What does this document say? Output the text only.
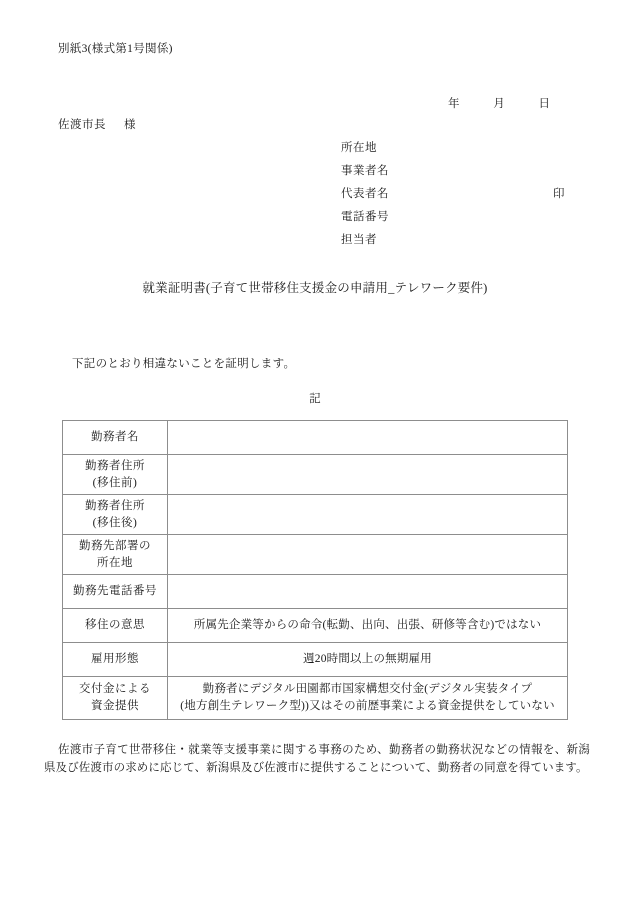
別紙3(様式第1号関係)
年	月	日
佐渡市長 様
所在地
事業者名
代表者名	印
電話番号
担当者
就業証明書(子育て世帯移住支援金の申請用_テレワーク要件)
下記のとおり相違ないことを証明します。
記
勤務者名	

勤務者住所
(移住前)	

勤務者住所
(移住後)	

勤務先部署の
所在地	

勤務先電話番号	

移住の意思	所属先企業等からの命令(転勤、出向、出張、研修等含む)ではない

雇用形態	週20時間以上の無期雇用

交付金による
資金提供	勤務者にデジタル田園都市国家構想交付金(デジタル実装タイプ
(地方創生テレワーク型))又はその前歴事業による資金提供をしていない
佐渡市子育て世帯移住・就業等支援事業に関する事務のため、勤務者の勤務状況などの情報を、新潟県及び佐渡市の求めに応じて、新潟県及び佐渡市に提供することについて、勤務者の同意を得ています。
